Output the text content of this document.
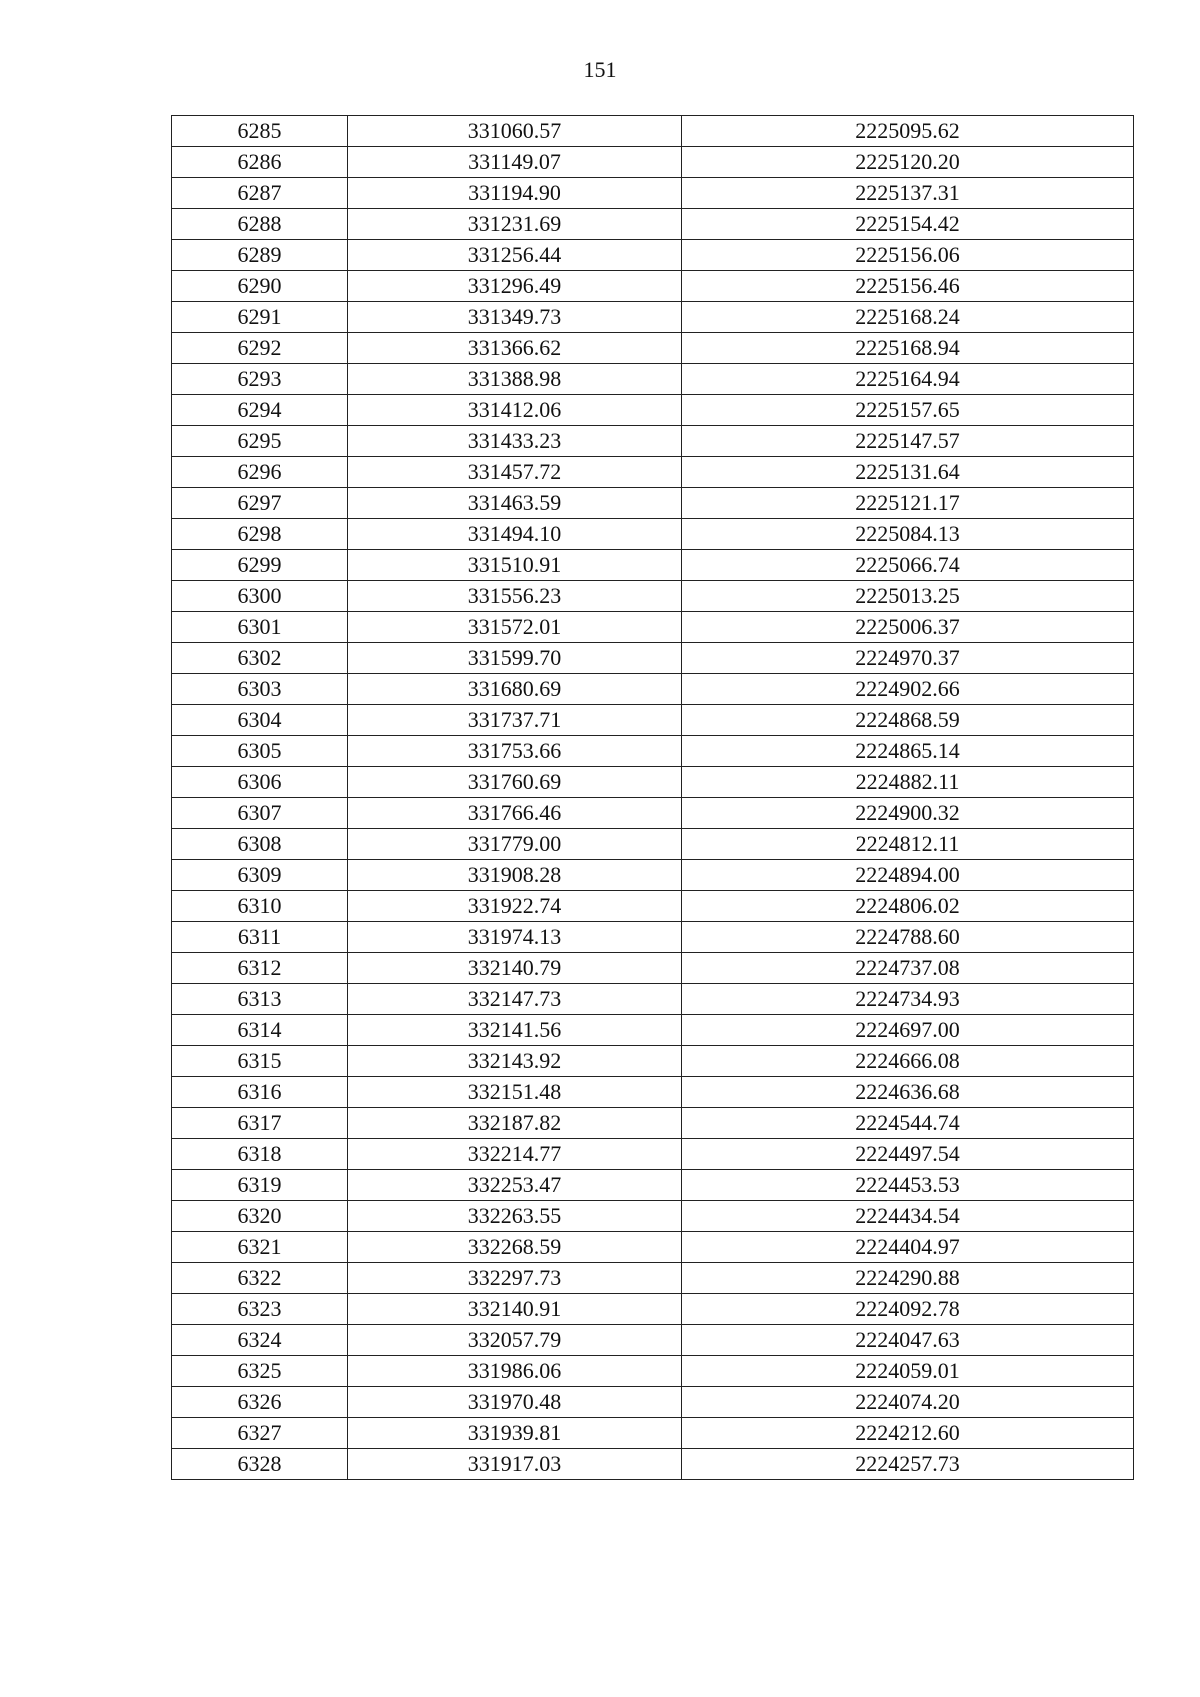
151
6285	331060.57	2225095.62
6286	331149.07	2225120.20
6287	331194.90	2225137.31
6288	331231.69	2225154.42
6289	331256.44	2225156.06
6290	331296.49	2225156.46
6291	331349.73	2225168.24
6292	331366.62	2225168.94
6293	331388.98	2225164.94
6294	331412.06	2225157.65
6295	331433.23	2225147.57
6296	331457.72	2225131.64
6297	331463.59	2225121.17
6298	331494.10	2225084.13
6299	331510.91	2225066.74
6300	331556.23	2225013.25
6301	331572.01	2225006.37
6302	331599.70	2224970.37
6303	331680.69	2224902.66
6304	331737.71	2224868.59
6305	331753.66	2224865.14
6306	331760.69	2224882.11
6307	331766.46	2224900.32
6308	331779.00	2224812.11
6309	331908.28	2224894.00
6310	331922.74	2224806.02
6311	331974.13	2224788.60
6312	332140.79	2224737.08
6313	332147.73	2224734.93
6314	332141.56	2224697.00
6315	332143.92	2224666.08
6316	332151.48	2224636.68
6317	332187.82	2224544.74
6318	332214.77	2224497.54
6319	332253.47	2224453.53
6320	332263.55	2224434.54
6321	332268.59	2224404.97
6322	332297.73	2224290.88
6323	332140.91	2224092.78
6324	332057.79	2224047.63
6325	331986.06	2224059.01
6326	331970.48	2224074.20
6327	331939.81	2224212.60
6328	331917.03	2224257.73
